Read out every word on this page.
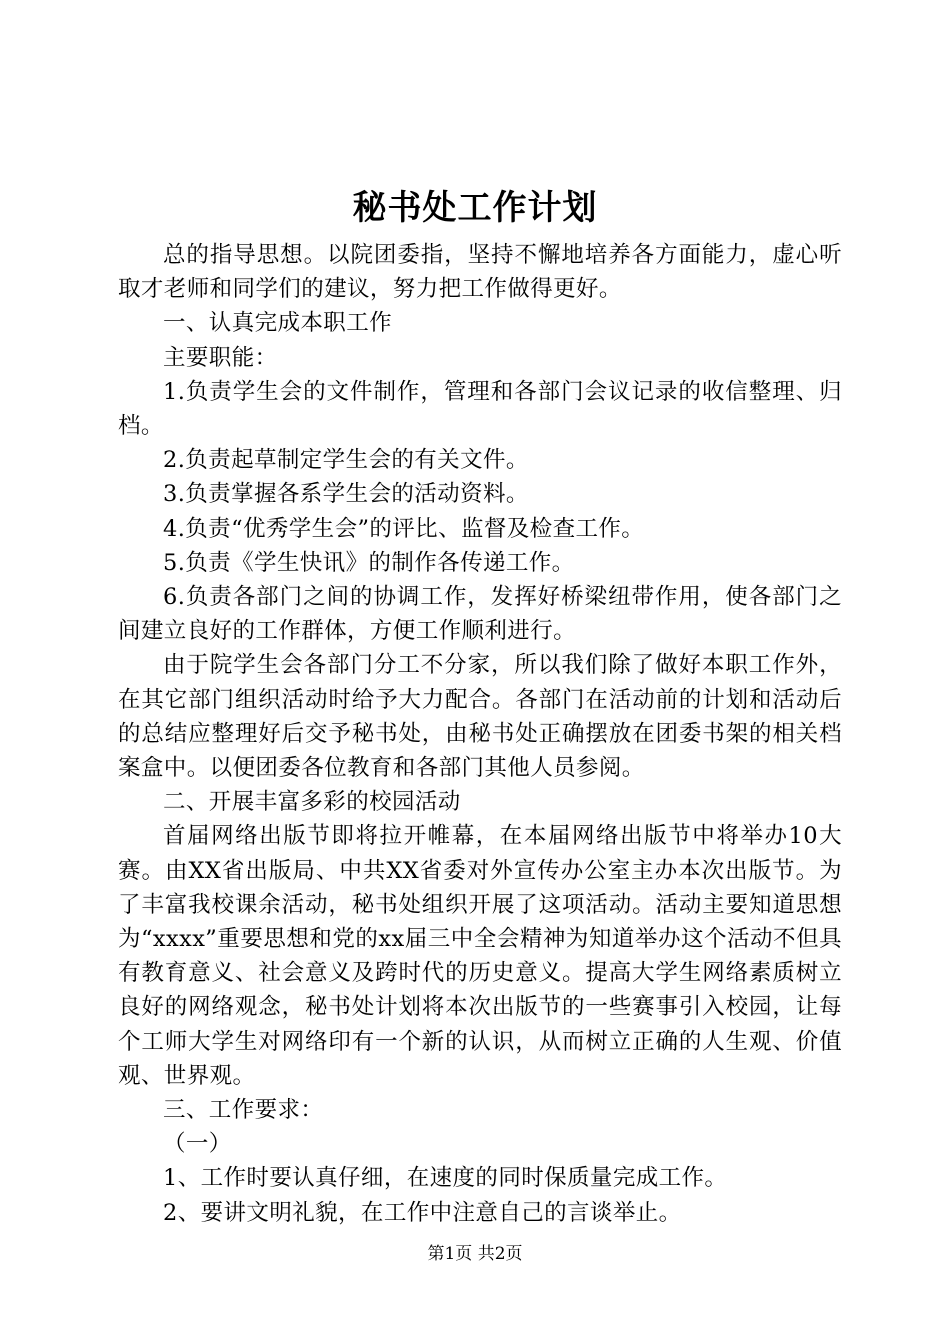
秘书处工作计划

总的指导思想。以院团委指，坚持不懈地培养各方面能力，虚心听取才老师和同学们的建议，努力把工作做得更好。

一、认真完成本职工作

主要职能：

1.负责学生会的文件制作，管理和各部门会议记录的收信整理、归档。

2.负责起草制定学生会的有关文件。

3.负责掌握各系学生会的活动资料。

4.负责“优秀学生会”的评比、监督及检查工作。

5.负责《学生快讯》的制作各传递工作。

6.负责各部门之间的协调工作，发挥好桥梁纽带作用，使各部门之间建立良好的工作群体，方便工作顺利进行。

由于院学生会各部门分工不分家，所以我们除了做好本职工作外，在其它部门组织活动时给予大力配合。各部门在活动前的计划和活动后的总结应整理好后交予秘书处，由秘书处正确摆放在团委书架的相关档案盒中。以便团委各位教育和各部门其他人员参阅。

二、开展丰富多彩的校园活动

首届网络出版节即将拉开帷幕，在本届网络出版节中将举办10大赛。由XX省出版局、中共XX省委对外宣传办公室主办本次出版节。为了丰富我校课余活动，秘书处组织开展了这项活动。活动主要知道思想为“xxxx”重要思想和党的xx届三中全会精神为知道举办这个活动不但具有教育意义、社会意义及跨时代的历史意义。提高大学生网络素质树立良好的网络观念，秘书处计划将本次出版节的一些赛事引入校园，让每个工师大学生对网络印有一个新的认识，从而树立正确的人生观、价值观、世界观。

三、工作要求：

（一）

1、工作时要认真仔细，在速度的同时保质量完成工作。

2、要讲文明礼貌，在工作中注意自己的言谈举止。

第1页 共2页
